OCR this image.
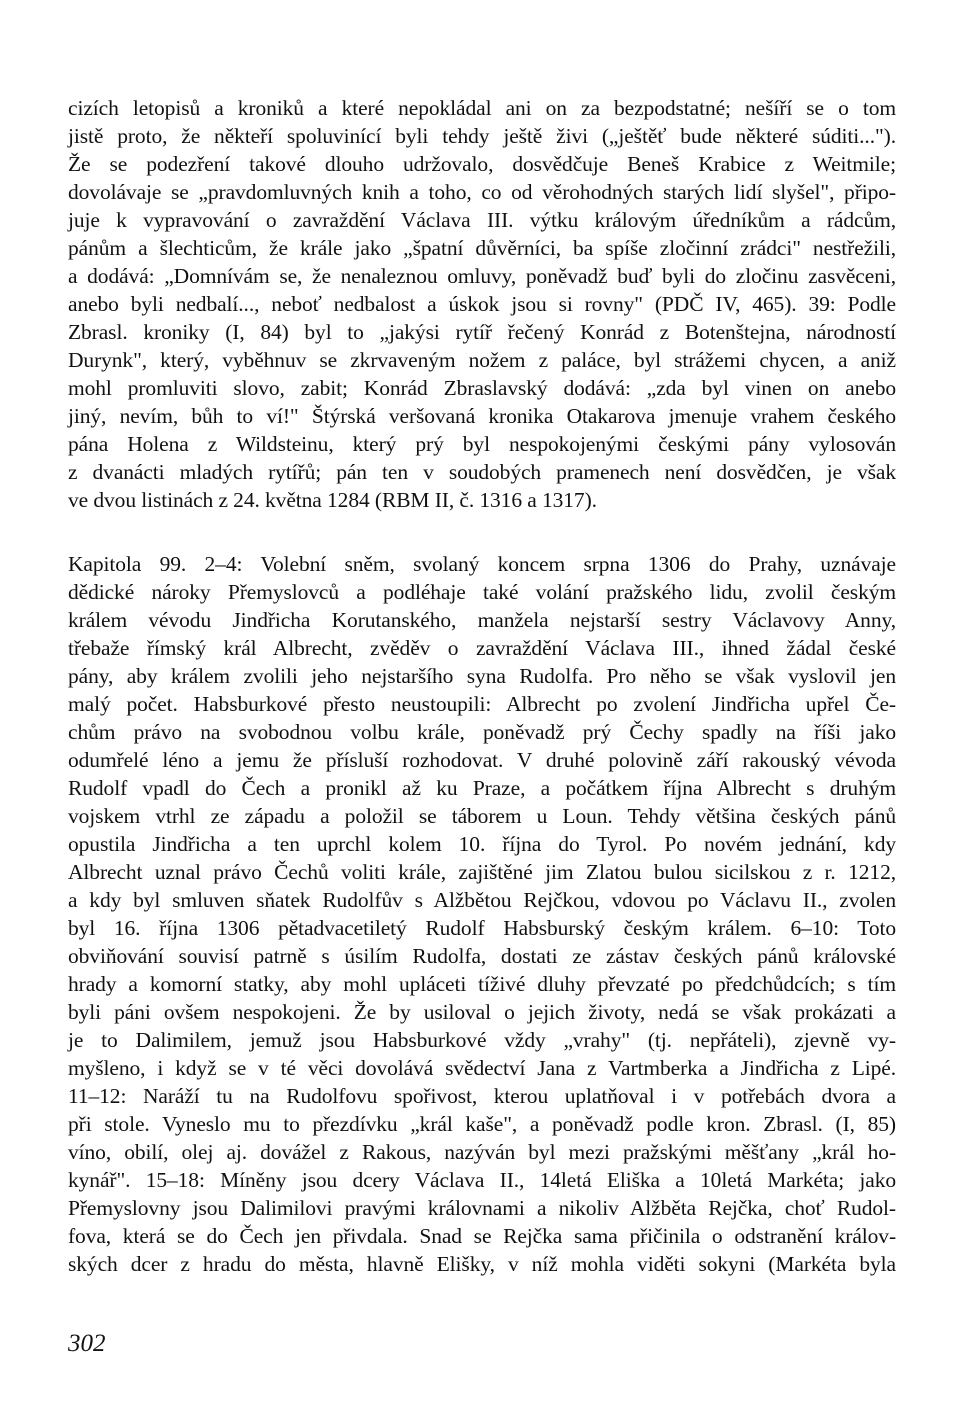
cizích letopisů a kroniků a které nepokládal ani on za bezpodstatné; nešíří se o tom
jistě proto, že někteří spoluvinící byli tehdy ještě živi („ještěť bude některé súditi...").
Že se podezření takové dlouho udržovalo, dosvědčuje Beneš Krabice z Weitmile;
dovolávaje se „pravdomluvných knih a toho, co od věrohodných starých lidí slyšel", připo-
juje k vypravování o zavraždění Václava III. výtku královým úředníkům a rádcům,
pánům a šlechticům, že krále jako „špatní důvěrníci, ba spíše zločinní zrádci" nestřežili,
a dodává: „Domnívám se, že nenaleznou omluvy, poněvadž buď byli do zločinu zasvěceni,
anebo byli nedbalí..., neboť nedbalost a úskok jsou si rovny" (PDČ IV, 465). 39: Podle
Zbrasl. kroniky (I, 84) byl to „jakýsi rytíř řečený Konrád z Botenštejna, národností
Durynk", který, vyběhnuv se zkrvaveným nožem z paláce, byl strážemi chycen, a aniž
mohl promluviti slovo, zabit; Konrád Zbraslavský dodává: „zda byl vinen on anebo
jiný, nevím, bůh to ví!" Štýrská veršovaná kronika Otakarova jmenuje vrahem českého
pána Holena z Wildsteinu, který prý byl nespokojenými českými pány vylosován
z dvanácti mladých rytířů; pán ten v soudobých pramenech není dosvědčen, je však
ve dvou listinách z 24. května 1284 (RBM II, č. 1316 a 1317).

Kapitola 99. 2–4: Volební sněm, svolaný koncem srpna 1306 do Prahy, uznávaje
dědické nároky Přemyslovců a podléhaje také volání pražského lidu, zvolil českým
králem vévodu Jindřicha Korutanského, manžela nejstarší sestry Václavovy Anny,
třebaže římský král Albrecht, zvěděv o zavraždění Václava III., ihned žádal české
pány, aby králem zvolili jeho nejstaršího syna Rudolfa. Pro něho se však vyslovil jen
malý počet. Habsburkové přesto neustoupili: Albrecht po zvolení Jindřicha upřel Če-
chům právo na svobodnou volbu krále, poněvadž prý Čechy spadly na říši jako
odumřelé léno a jemu že přísluší rozhodovat. V druhé polovině září rakouský vévoda
Rudolf vpadl do Čech a pronikl až ku Praze, a počátkem října Albrecht s druhým
vojskem vtrhl ze západu a položil se táborem u Loun. Tehdy většina českých pánů
opustila Jindřicha a ten uprchl kolem 10. října do Tyrol. Po novém jednání, kdy
Albrecht uznal právo Čechů voliti krále, zajištěné jim Zlatou bulou sicilskou z r. 1212,
a kdy byl smluven sňatek Rudolfův s Alžbětou Rejčkou, vdovou po Václavu II., zvolen
byl 16. října 1306 pětadvacetiletý Rudolf Habsburský českým králem. 6–10: Toto
obviňování souvisí patrně s úsilím Rudolfa, dostati ze zástav českých pánů královské
hrady a komorní statky, aby mohl upláceti tíživé dluhy převzaté po předchůdcích; s tím
byli páni ovšem nespokojeni. Že by usiloval o jejich životy, nedá se však prokázati a
je to Dalimilem, jemuž jsou Habsburkové vždy „vrahy" (tj. nepřáteli), zjevně vy-
myšleno, i když se v té věci dovolává svědectví Jana z Vartmberka a Jindřicha z Lipé.
11–12: Naráží tu na Rudolfovu spořivost, kterou uplatňoval i v potřebách dvora a
při stole. Vyneslo mu to přezdívku „král kaše", a poněvadž podle kron. Zbrasl. (I, 85)
víno, obilí, olej aj. dovážel z Rakous, nazýván byl mezi pražskými měšťany „král ho-
kynář". 15–18: Míněny jsou dcery Václava II., 14letá Eliška a 10letá Markéta; jako
Přemyslovny jsou Dalimilovi pravými královnami a nikoliv Alžběta Rejčka, choť Rudol-
fova, která se do Čech jen přivdala. Snad se Rejčka sama přičinila o odstranění králov-
ských dcer z hradu do města, hlavně Elišky, v níž mohla viděti sokyni (Markéta byla

302
